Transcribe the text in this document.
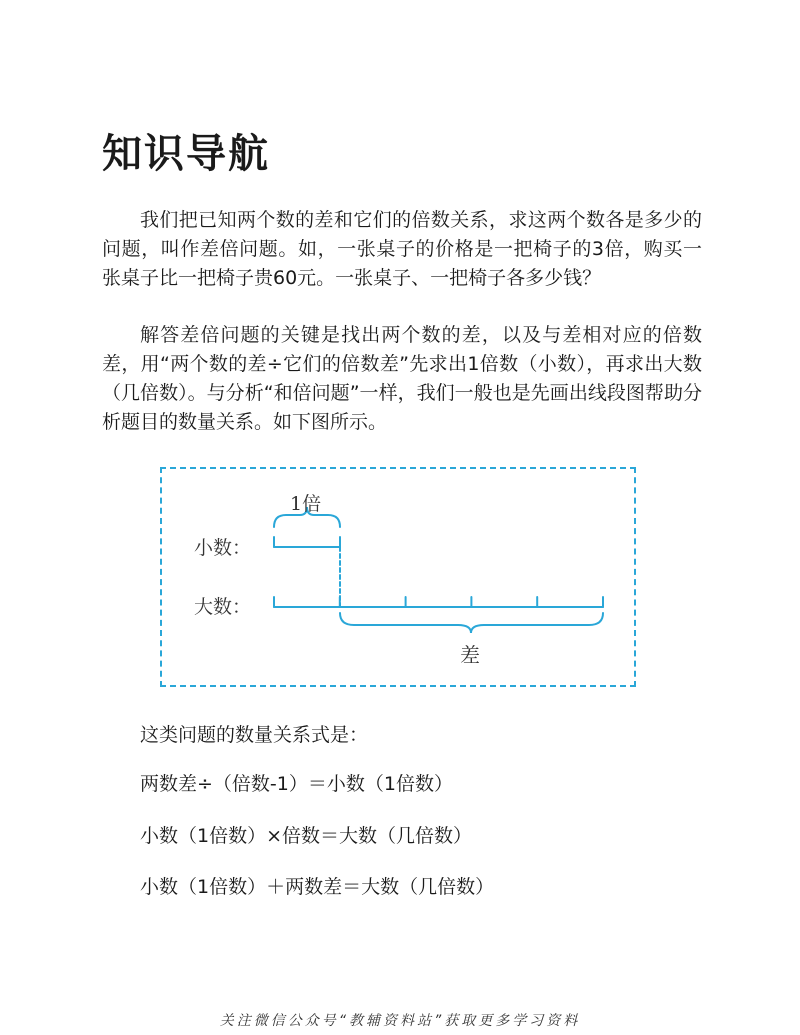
知识导航

我们把已知两个数的差和它们的倍数关系，求这两个数各是多少的问题，叫作差倍问题。如，一张桌子的价格是一把椅子的3倍，购买一张桌子比一把椅子贵60元。一张桌子、一把椅子各多少钱？

解答差倍问题的关键是找出两个数的差，以及与差相对应的倍数差，用“两个数的差÷它们的倍数差”先求出1倍数（小数），再求出大数（几倍数）。与分析“和倍问题”一样，我们一般也是先画出线段图帮助分析题目的数量关系。如下图所示。

1倍
小数：
大数：
差

这类问题的数量关系式是：

两数差÷（倍数-1）＝小数（1倍数）

小数（1倍数）×倍数＝大数（几倍数）

小数（1倍数）＋两数差＝大数（几倍数）

关注微信公众号“教辅资料站”获取更多学习资料
